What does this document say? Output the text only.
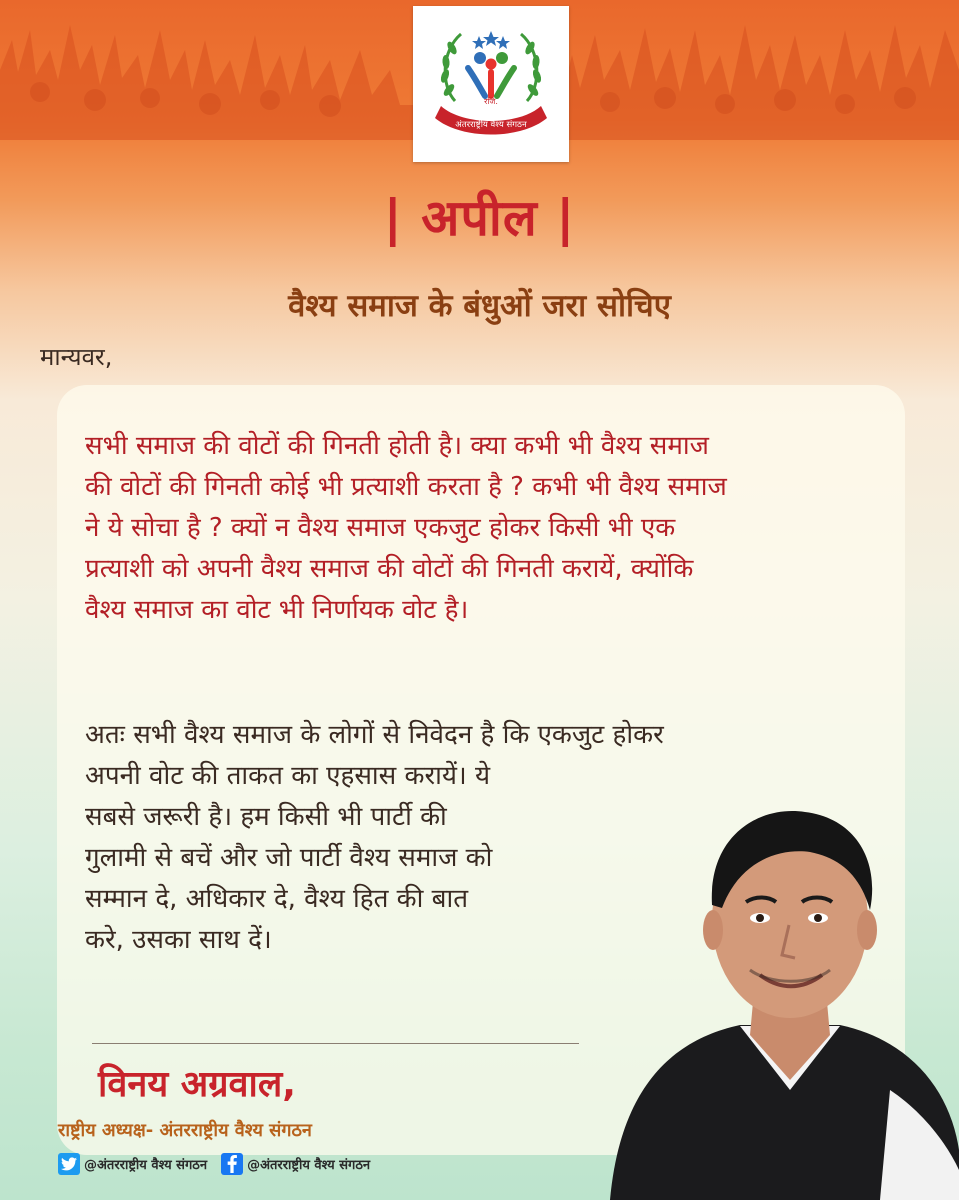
रजि.
अंतरराष्ट्रीय वैश्य संगठन
| अपील |
वैश्य समाज के बंधुओं जरा सोचिए
मान्यवर,
सभी समाज की वोटों की गिनती होती है। क्या कभी भी वैश्य समाज
की वोटों की गिनती कोई भी प्रत्याशी करता है ? कभी भी वैश्य समाज
ने ये सोचा है ? क्यों न वैश्य समाज एकजुट होकर किसी भी एक
प्रत्याशी को अपनी वैश्य समाज की वोटों की गिनती करायें, क्योंकि
वैश्य समाज का वोट भी निर्णायक वोट है।
अतः सभी वैश्य समाज के लोगों से निवेदन है कि एकजुट होकर
अपनी वोट की ताकत का एहसास करायें। ये
सबसे जरूरी है। हम किसी भी पार्टी की
गुलामी से बचें और जो पार्टी वैश्य समाज को
सम्मान दे, अधिकार दे, वैश्य हित की बात
करे, उसका साथ दें।
विनय अग्रवाल,
राष्ट्रीय अध्यक्ष- अंतरराष्ट्रीय वैश्य संगठन
@अंतरराष्ट्रीय वैश्य संगठन	@अंतरराष्ट्रीय वैश्य संगठन
